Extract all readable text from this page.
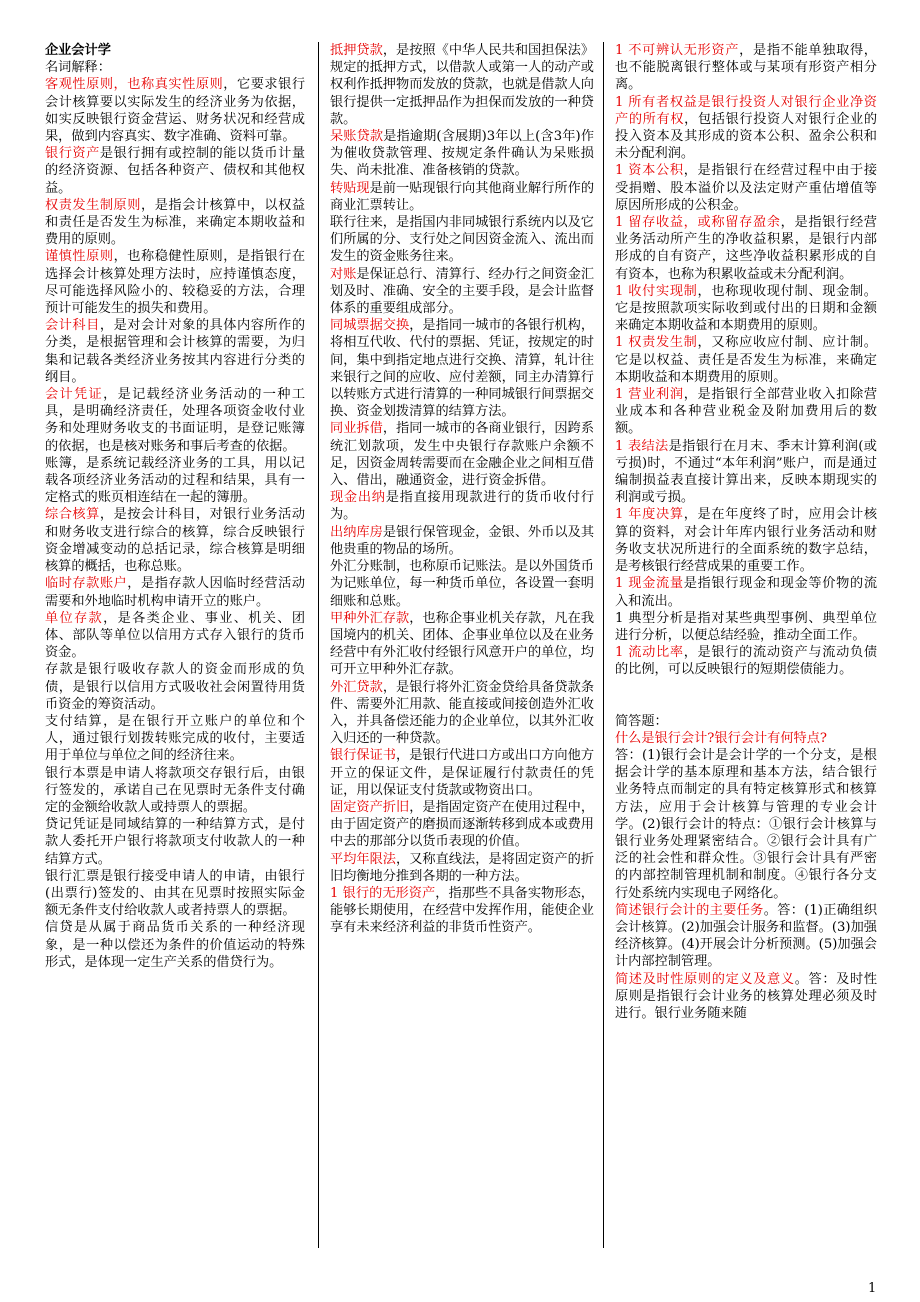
企业会计学

名词解释：

客观性原则，也称真实性原则，它要求银行会计核算要以实际发生的经济业务为依据，如实反映银行资金营运、财务状况和经营成果，做到内容真实、数字准确、资料可靠。

银行资产是银行拥有或控制的能以货币计量的经济资源、包括各种资产、债权和其他权益。

权责发生制原则，是指会计核算中，以权益和责任是否发生为标准，来确定本期收益和费用的原则。

谨慎性原则，也称稳健性原则，是指银行在选择会计核算处理方法时，应持谨慎态度，尽可能选择风险小的、较稳妥的方法，合理预计可能发生的损失和费用。

会计科目，是对会计对象的具体内容所作的分类，是根据管理和会计核算的需要，为归集和记载各类经济业务按其内容进行分类的纲目。

会计凭证，是记载经济业务活动的一种工具，是明确经济责任，处理各项资金收付业务和处理财务收支的书面证明，是登记账簿的依据，也是核对账务和事后考查的依据。

账簿，是系统记载经济业务的工具，用以记载各项经济业务活动的过程和结果，具有一定格式的账页相连结在一起的簿册。

综合核算，是按会计科目，对银行业务活动和财务收支进行综合的核算，综合反映银行资金增减变动的总括记录，综合核算是明细核算的概括，也称总账。

临时存款账户，是指存款人因临时经营活动需要和外地临时机构申请开立的账户。

单位存款，是各类企业、事业、机关、团体、部队等单位以信用方式存入银行的货币资金。

存款是银行吸收存款人的资金而形成的负债，是银行以信用方式吸收社会闲置待用货币资金的筹资活动。

支付结算，是在银行开立账户的单位和个人，通过银行划拨转账完成的收付，主要适用于单位与单位之间的经济往来。

银行本票是申请人将款项交存银行后，由银行签发的，承诺自己在见票时无条件支付确定的金额给收款人或持票人的票据。

贷记凭证是同域结算的一种结算方式，是付款人委托开户银行将款项支付收款人的一种结算方式。

银行汇票是银行接受申请人的申请，由银行(出票行)签发的、由其在见票时按照实际金额无条件支付给收款人或者持票人的票据。

信贷是从属于商品货币关系的一种经济现象，是一种以偿还为条件的价值运动的特殊形式，是体现一定生产关系的借贷行为。

抵押贷款，是按照《中华人民共和国担保法》规定的抵押方式，以借款人或第一人的动产或权利作抵押物而发放的贷款，也就是借款人向银行提供一定抵押品作为担保而发放的一种贷款。

呆账贷款是指逾期(含展期)3年以上(含3年)作为催收贷款管理、按规定条件确认为呆账损失、尚未批准、准备核销的贷款。

转贴现是前一贴现银行向其他商业解行所作的商业汇票转让。

联行往来，是指国内非同城银行系统内以及它们所属的分、支行处之间因资金流入、流出而发生的资金账务往来。

对账是保证总行、清算行、经办行之间资金汇划及时、准确、安全的主要手段，是会计监督体系的重要组成部分。

同城票据交换，是指同一城市的各银行机构，将相互代收、代付的票据、凭证，按规定的时间，集中到指定地点进行交换、清算，轧计往来银行之间的应收、应付差额，同主办清算行以转账方式进行清算的一种同城银行间票据交换、资金划拨清算的结算方法。

同业拆借，指同一城市的各商业银行，因跨系统汇划款项，发生中央银行存款账户余额不足，因资金周转需要而在金融企业之间相互借入、借出，融通资金，进行资金拆借。

现金出纳是指直接用现款进行的货币收付行为。

出纳库房是银行保管现金，金银、外币以及其他贵重的物品的场所。

外汇分账制，也称原币记账法。是以外国货币为记账单位，每一种货币单位，各设置一套明细账和总账。

甲种外汇存款，也称企事业机关存款，凡在我国境内的机关、团体、企事业单位以及在业务经营中有外汇收付经银行风意开户的单位，均可开立甲种外汇存款。

外汇贷款，是银行将外汇资金贷给具备贷款条件、需要外汇用款、能直接或间接创造外汇收入，并具备偿还能力的企业单位，以其外汇收入归还的一种贷款。

银行保证书，是银行代进口方或出口方向他方开立的保证文件，是保证履行付款责任的凭证，用以保证支付货款或物资出口。

固定资产折旧，是指固定资产在使用过程中，由于固定资产的磨损而逐渐转移到成本或费用中去的那部分以货币表现的价值。

平均年限法，又称直线法，是将固定资产的折旧均衡地分推到各期的一种方法。

1 银行的无形资产，指那些不具备实物形态，能够长期使用，在经营中发挥作用，能使企业享有未来经济利益的非货币性资产。

1 不可辨认无形资产，是指不能单独取得，也不能脱离银行整体或与某项有形资产相分离。

1 所有者权益是银行投资人对银行企业净资产的所有权，包括银行投资人对银行企业的投入资本及其形成的资本公积、盈余公积和未分配利润。

1 资本公积，是指银行在经营过程中由于接受捐赠、股本溢价以及法定财产重估增值等原因所形成的公积金。

1 留存收益，或称留存盈余，是指银行经营业务活动所产生的净收益积累，是银行内部形成的自有资产，这些净收益积累形成的自有资本，也称为积累收益或未分配利润。

1 收付实现制，也称现收现付制、现金制。它是按照款项实际收到或付出的日期和金额来确定本期收益和本期费用的原则。

1 权责发生制，又称应收应付制、应计制。它是以权益、责任是否发生为标准，来确定本期收益和本期费用的原则。

1 营业利润，是指银行全部营业收入扣除营业成本和各种营业税金及附加费用后的数额。

1 表结法是指银行在月末、季末计算利润(或亏损)时，不通过“本年利润”账户，而是通过编制损益表直接计算出来，反映本期现实的利润或亏损。

1 年度决算，是在年度终了时，应用会计核算的资料，对会计年库内银行业务活动和财务收支状况所进行的全面系统的数字总结，是考核银行经营成果的重要工作。

1 现金流量是指银行现金和现金等价物的流入和流出。

1 典型分析是指对某些典型事例、典型单位进行分析，以便总结经验，推动全面工作。

1 流动比率，是银行的流动资产与流动负债的比例，可以反映银行的短期偿债能力。

简答题：

什么是银行会计?银行会计有何特点?

答：(1)银行会计是会计学的一个分支，是根据会计学的基本原理和基本方法，结合银行业务特点而制定的具有特定核算形式和核算方法，应用于会计核算与管理的专业会计学。(2)银行会计的特点：①银行会计核算与银行业务处理紧密结合。②银行会计具有广泛的社会性和群众性。③银行会计具有严密的内部控制管理机制和制度。④银行各分支行处系统内实现电子网络化。

简述银行会计的主要任务。答：(1)正确组织会计核算。(2)加强会计服务和监督。(3)加强经济核算。(4)开展会计分析预测。(5)加强会计内部控制管理。

简述及时性原则的定义及意义。答：及时性原则是指银行会计业务的核算处理必须及时进行。银行业务随来随

1
